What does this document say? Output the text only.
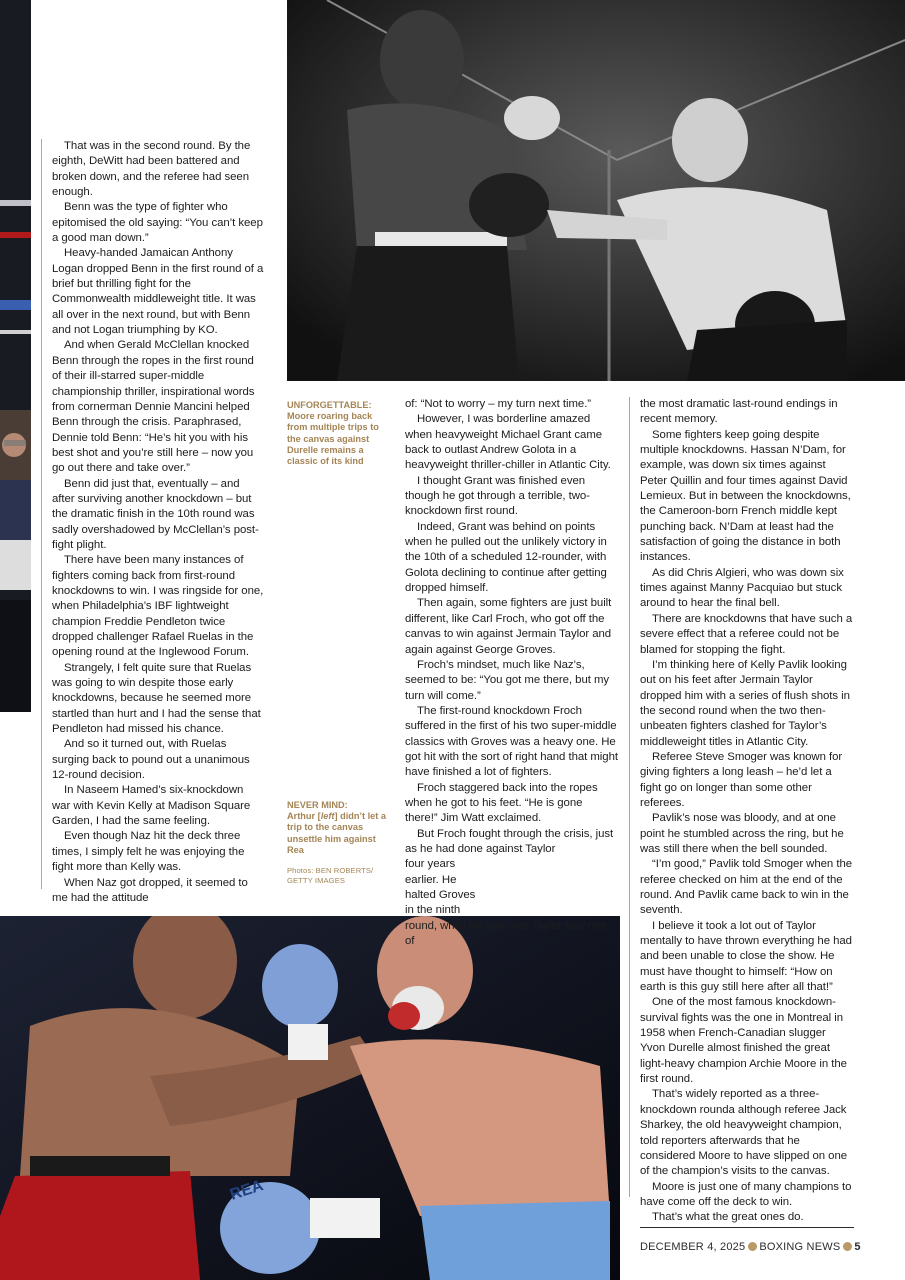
REA

That was in the second round. By the eighth, DeWitt had been battered and broken down, and the referee had seen enough.

Benn was the type of fighter who epitomised the old saying: “You can’t keep a good man down.”

Heavy-handed Jamaican Anthony Logan dropped Benn in the first round of a brief but thrilling fight for the Commonwealth middleweight title. It was all over in the next round, but with Benn and not Logan triumphing by KO.

And when Gerald McClellan knocked Benn through the ropes in the first round of their ill-starred super-middle championship thriller, inspirational words from cornerman Dennie Mancini helped Benn through the crisis. Paraphrased, Dennie told Benn: “He’s hit you with his best shot and you’re still here – now you go out there and take over.”

Benn did just that, eventually – and after surviving another knockdown – but the dramatic finish in the 10th round was sadly overshadowed by McClellan’s post-fight plight.

There have been many instances of fighters coming back from first-round knockdowns to win. I was ringside for one, when Philadelphia’s IBF lightweight champion Freddie Pendleton twice dropped challenger Rafael Ruelas in the opening round at the Inglewood Forum.

Strangely, I felt quite sure that Ruelas was going to win despite those early knockdowns, because he seemed more startled than hurt and I had the sense that Pendleton had missed his chance.

And so it turned out, with Ruelas surging back to pound out a unanimous 12-round decision.

In Naseem Hamed’s six-knockdown war with Kevin Kelly at Madison Square Garden, I had the same feeling.

Even though Naz hit the deck three times, I simply felt he was enjoying the fight more than Kelly was.

When Naz got dropped, it seemed to me had the attitude

UNFORGETTABLE:
Moore roaring back from multiple trips to the canvas against Durelle remains a classic of its kind
NEVER MIND:
Arthur [left] didn’t let a trip to the canvas unsettle him against Rea
Photos: BEN ROBERTS/ GETTY IMAGES

of: “Not to worry – my turn next time.”

However, I was borderline amazed when heavyweight Michael Grant came back to outlast Andrew Golota in a heavyweight thriller-chiller in Atlantic City.

I thought Grant was finished even though he got through a terrible, two-knockdown first round.

Indeed, Grant was behind on points when he pulled out the unlikely victory in the 10th of a scheduled 12-rounder, with Golota declining to continue after getting dropped himself.

Then again, some fighters are just built different, like Carl Froch, who got off the canvas to win against Jermain Taylor and again against George Groves.

Froch’s mindset, much like Naz’s, seemed to be: “You got me there, but my turn will come.”

The first-round knockdown Froch suffered in the first of his two super-middle classics with Groves was a heavy one. He got hit with the sort of right hand that might have finished a lot of fighters.

Froch staggered back into the ropes when he got to his feet. “He is gone there!” Jim Watt exclaimed.

But Froch fought through the crisis, just as he had done against Taylor four years earlier. He halted Groves in the ninth round, while his win over Taylor saw one of

the most dramatic last-round endings in recent memory.

Some fighters keep going despite multiple knockdowns. Hassan N’Dam, for example, was down six times against Peter Quillin and four times against David Lemieux. But in between the knockdowns, the Cameroon-born French middle kept punching back. N’Dam at least had the satisfaction of going the distance in both instances.

As did Chris Algieri, who was down six times against Manny Pacquiao but stuck around to hear the final bell.

There are knockdowns that have such a severe effect that a referee could not be blamed for stopping the fight.

I’m thinking here of Kelly Pavlik looking out on his feet after Jermain Taylor dropped him with a series of flush shots in the second round when the two then-unbeaten fighters clashed for Taylor’s middleweight titles in Atlantic City.

Referee Steve Smoger was known for giving fighters a long leash – he’d let a fight go on longer than some other referees.

Pavlik’s nose was bloody, and at one point he stumbled across the ring, but he was still there when the bell sounded.

“I’m good,” Pavlik told Smoger when the referee checked on him at the end of the round. And Pavlik came back to win in the seventh.

I believe it took a lot out of Taylor mentally to have thrown everything he had and been unable to close the show. He must have thought to himself: “How on earth is this guy still here after all that!”

One of the most famous knockdown-survival fights was the one in Montreal in 1958 when French-Canadian slugger Yvon Durelle almost finished the great light-heavy champion Archie Moore in the first round.

That’s widely reported as a three-knockdown rounda although referee Jack Sharkey, the old heavyweight champion, told reporters afterwards that he considered Moore to have slipped on one of the champion’s visits to the canvas.

Moore is just one of many champions to have come off the deck to win.

That’s what the great ones do.

DECEMBER 4, 2025 BOXING NEWS 5
